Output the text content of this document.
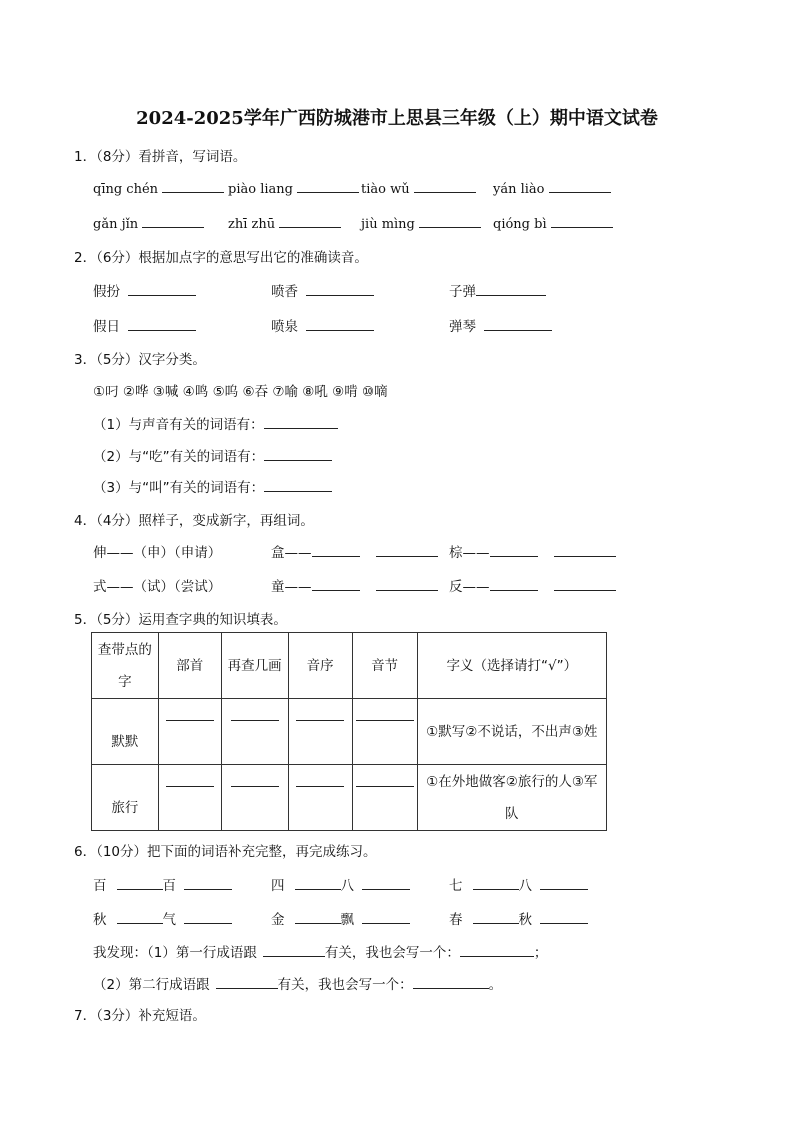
2024-2025学年广西防城港市上思县三年级（上）期中语文试卷
1．（8分）看拼音，写词语。
qīng chén	piào liang	tiào wǔ	yán liào
gǎn jǐn	zhī zhū	jiù mìng	qióng bì
2．（6分）根据加点字的意思写出它的准确读音。
假扮	喷香	子弹
假日	喷泉	弹琴
3．（5分）汉字分类。
①叼 ②哗 ③喊 ④鸣 ⑤呜 ⑥吞 ⑦喻 ⑧吼 ⑨啃 ⑩嘀
（1）与声音有关的词语有：
（2）与“吃”有关的词语有：
（3）与“叫”有关的词语有：
4．（4分）照样子，变成新字，再组词。
伸——（申）（申请）	盒——	棕——
式——（试）（尝试）	童——	反——
5．（5分）运用查字典的知识填表。
查带点的字	部首	再查几画	音序	音节	字义（选择请打“√”）
默默					①默写②不说话，不出声③姓
旅行					①在外地做客②旅行的人③军队
6．（10分）把下面的词语补充完整，再完成练习。
百	百	四	八	七	八
秋	气	金	飘	春	秋
我发现：（1）第一行成语跟	有关，我也会写一个：	；
（2）第二行成语跟	有关，我也会写一个：	。
7．（3分）补充短语。
